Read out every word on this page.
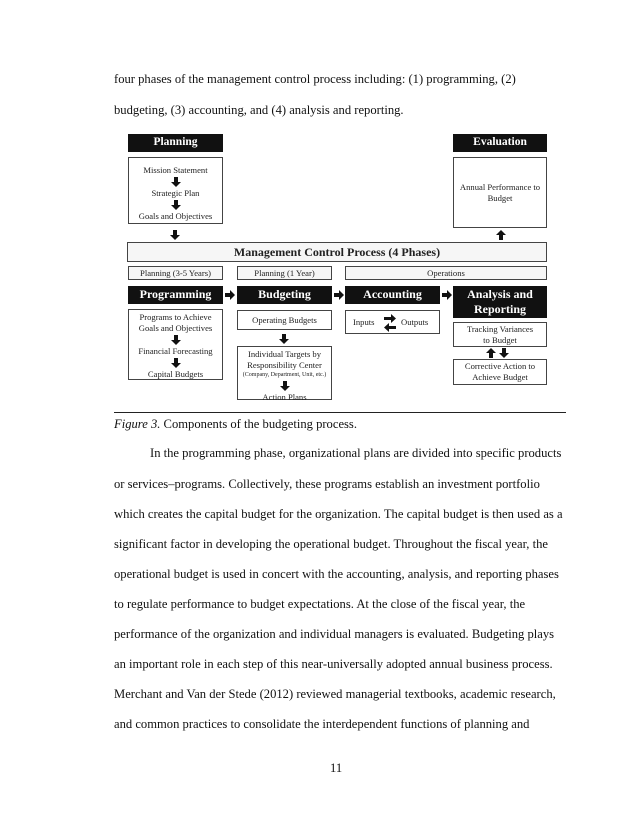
four phases of the management control process including: (1) programming, (2)
budgeting, (3) accounting, and (4) analysis and reporting.
Planning
Mission Statement
Strategic Plan
Goals and Objectives
Evaluation
Annual Performance to
Budget
Management Control Process (4 Phases)
Planning (3-5 Years)	Planning (1 Year)	Operations
Programming	Budgeting	Accounting	Analysis and
Reporting
Programs to Achieve
Goals and Objectives
Financial Forecasting
Capital Budgets
Operating Budgets
Individual Targets by
Responsibility Center
(Company, Department, Unit, etc.)
Action Plans
Inputs	Outputs
Tracking Variances
to Budget
Corrective Action to
Achieve Budget
Figure 3. Components of the budgeting process.
In the programming phase, organizational plans are divided into specific products
or services–programs. Collectively, these programs establish an investment portfolio
which creates the capital budget for the organization. The capital budget is then used as a
significant factor in developing the operational budget. Throughout the fiscal year, the
operational budget is used in concert with the accounting, analysis, and reporting phases
to regulate performance to budget expectations. At the close of the fiscal year, the
performance of the organization and individual managers is evaluated. Budgeting plays
an important role in each step of this near-universally adopted annual business process.
Merchant and Van der Stede (2012) reviewed managerial textbooks, academic research,
and common practices to consolidate the interdependent functions of planning and
11
